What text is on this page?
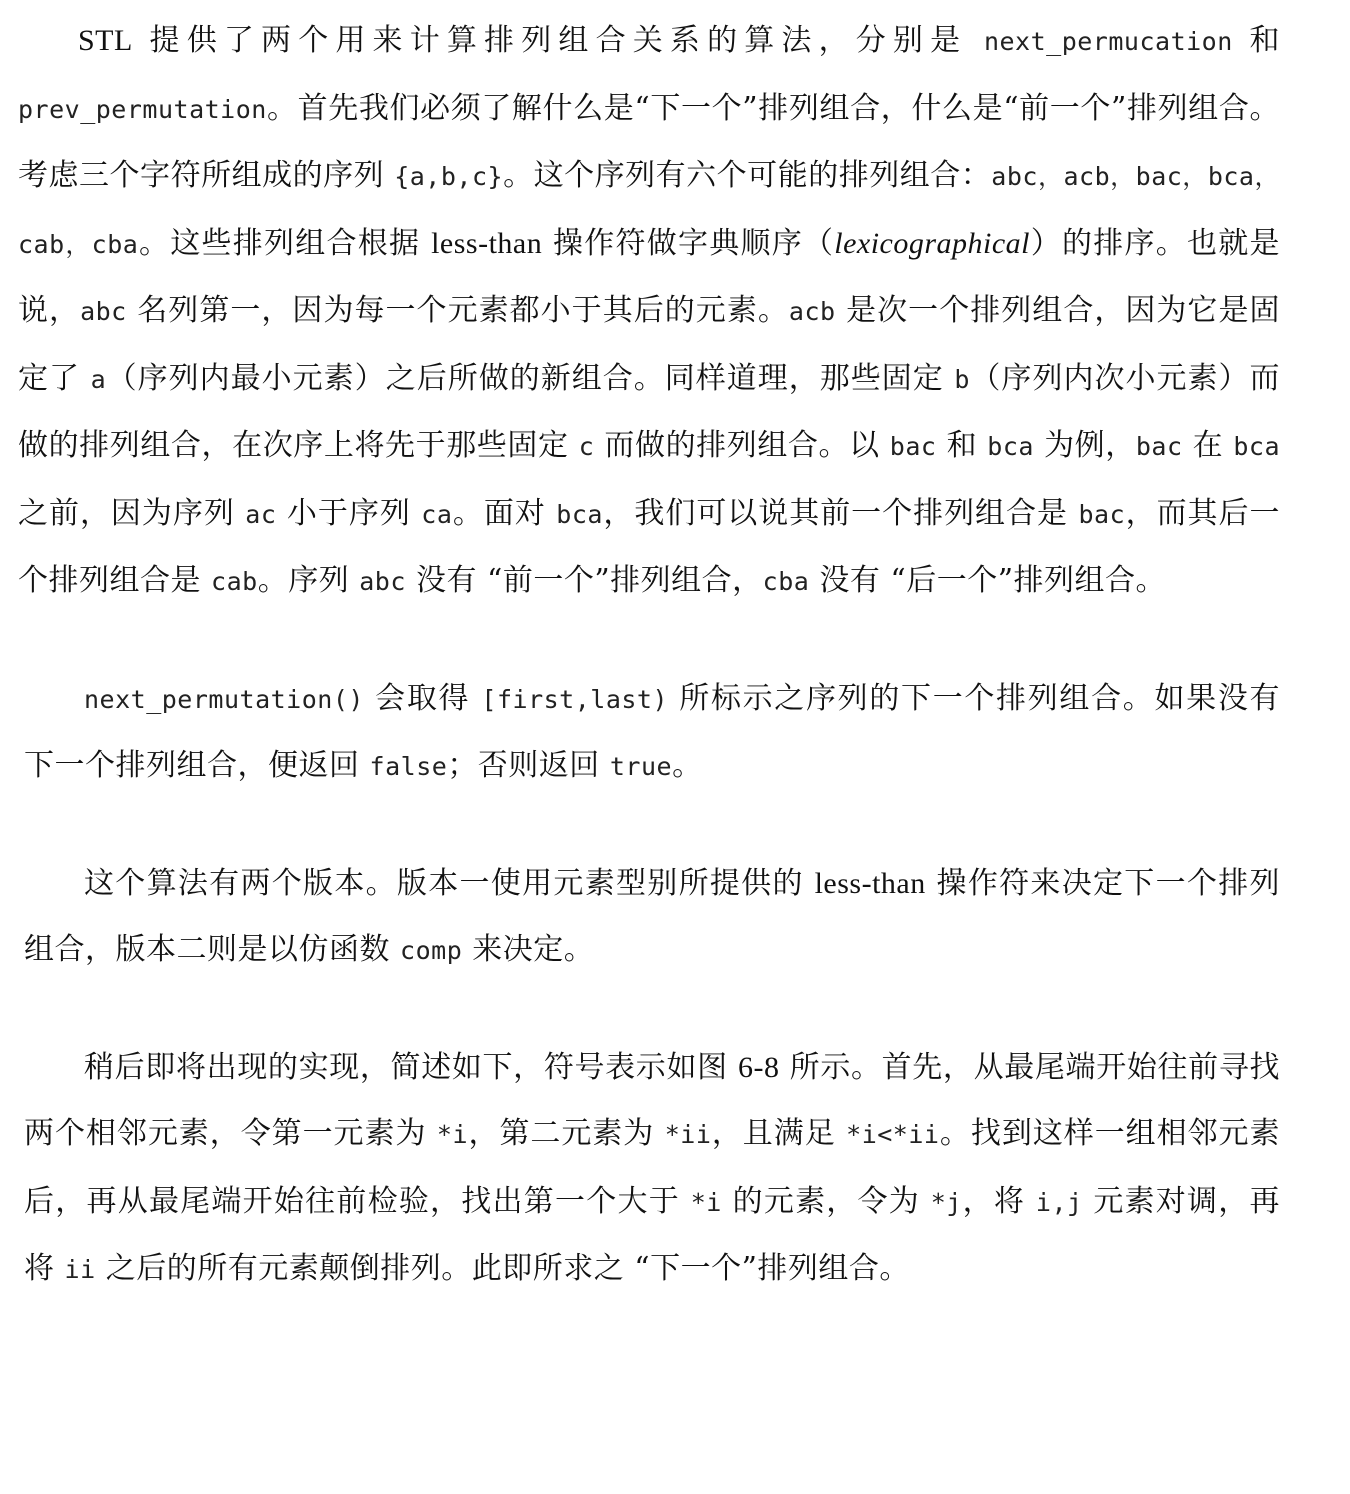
STL 提供了两个用来计算排列组合关系的算法，分别是 next_permucation 和 prev_permutation。首先我们必须了解什么是“下一个”排列组合，什么是“前一个”排列组合。考虑三个字符所组成的序列 {a,b,c}。这个序列有六个可能的排列组合：abc，acb，bac，bca，cab，cba。这些排列组合根据 less-than 操作符做字典顺序（lexicographical）的排序。也就是说，abc 名列第一，因为每一个元素都小于其后的元素。acb 是次一个排列组合，因为它是固定了 a（序列内最小元素）之后所做的新组合。同样道理，那些固定 b（序列内次小元素）而做的排列组合，在次序上将先于那些固定 c 而做的排列组合。以 bac 和 bca 为例，bac 在 bca 之前，因为序列 ac 小于序列 ca。面对 bca，我们可以说其前一个排列组合是 bac，而其后一个排列组合是 cab。序列 abc 没有 “前一个”排列组合，cba 没有 “后一个”排列组合。

next_permutation() 会取得 [first,last) 所标示之序列的下一个排列组合。如果没有下一个排列组合，便返回 false；否则返回 true。

这个算法有两个版本。版本一使用元素型别所提供的 less-than 操作符来决定下一个排列组合，版本二则是以仿函数 comp 来决定。

稍后即将出现的实现，简述如下，符号表示如图 6-8 所示。首先，从最尾端开始往前寻找两个相邻元素，令第一元素为 *i，第二元素为 *ii，且满足 *i<*ii。找到这样一组相邻元素后，再从最尾端开始往前检验，找出第一个大于 *i 的元素，令为 *j，将 i,j 元素对调，再将 ii 之后的所有元素颠倒排列。此即所求之 “下一个”排列组合。
